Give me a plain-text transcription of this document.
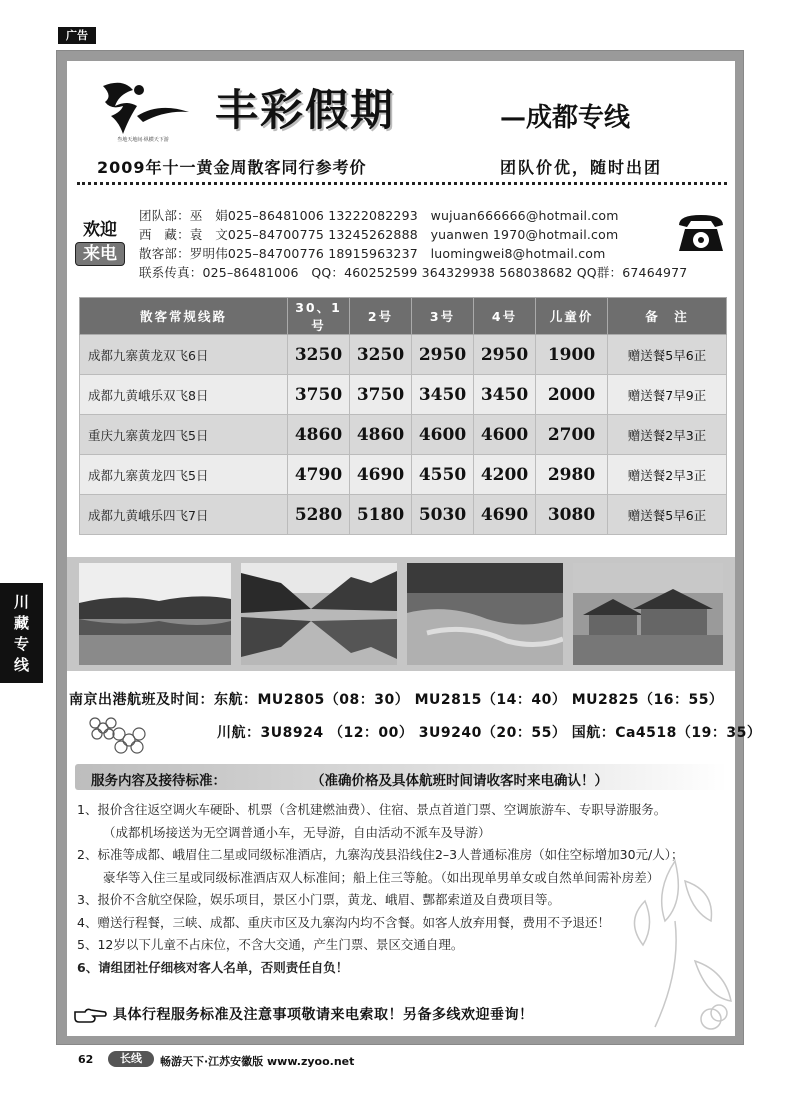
广告
川
藏
专
线
叁地天地间·纵横天下游
丰彩假期	—成都专线
2009年十一黄金周散客同行参考价	团队价优，随时出团
欢迎
来电
团队部：巫　娟025–86481006 13222082293　wujuan666666@hotmail.com
西　藏：袁　文025–84700775 13245262888　yuanwen 1970@hotmail.com
散客部：罗明伟025–84700776 18915963237　luomingwei8@hotmail.com
联系传真：025–86481006　QQ：460252599 364329938 568038682 QQ群：67464977
散客常规线路	30、1号	2号	3号	4号	儿童价	备　注
成都九寨黄龙双飞6日	3250	3250	2950	2950	1900	赠送餐5早6正
成都九黄峨乐双飞8日	3750	3750	3450	3450	2000	赠送餐7早9正
重庆九寨黄龙四飞5日	4860	4860	4600	4600	2700	赠送餐2早3正
成都九寨黄龙四飞5日	4790	4690	4550	4200	2980	赠送餐2早3正
成都九黄峨乐四飞7日	5280	5180	5030	4690	3080	赠送餐5早6正
南京出港航班及时间：东航：MU2805（08：30） MU2815（14：40） MU2825（16：55）
川航：3U8924 （12：00） 3U9240（20：55） 国航：Ca4518（19：35）
服务内容及接待标准：	（准确价格及具体航班时间请收客时来电确认！）
1、报价含往返空调火车硬卧、机票（含机建燃油费）、住宿、景点首道门票、空调旅游车、专职导游服务。
（成都机场接送为无空调普通小车，无导游，自由活动不派车及导游）
2、标准等成都、峨眉住二星或同级标准酒店，九寨沟茂县沿线住2–3人普通标准房（如住空标增加30元/人）；
豪华等入住三星或同级标准酒店双人标准间；船上住三等舱。（如出现单男单女或自然单间需补房差）
3、报价不含航空保险，娱乐项目，景区小门票，黄龙、峨眉、酆都索道及自费项目等。
4、赠送行程餐，三峡、成都、重庆市区及九寨沟内均不含餐。如客人放弃用餐，费用不予退还！
5、12岁以下儿童不占床位，不含大交通，产生门票、景区交通自理。
6、请组团社仔细核对客人名单，否则责任自负！
具体行程服务标准及注意事项敬请来电索取！另备多线欢迎垂询！
62	长线	畅游天下·江苏安徽版 www.zyoo.net
